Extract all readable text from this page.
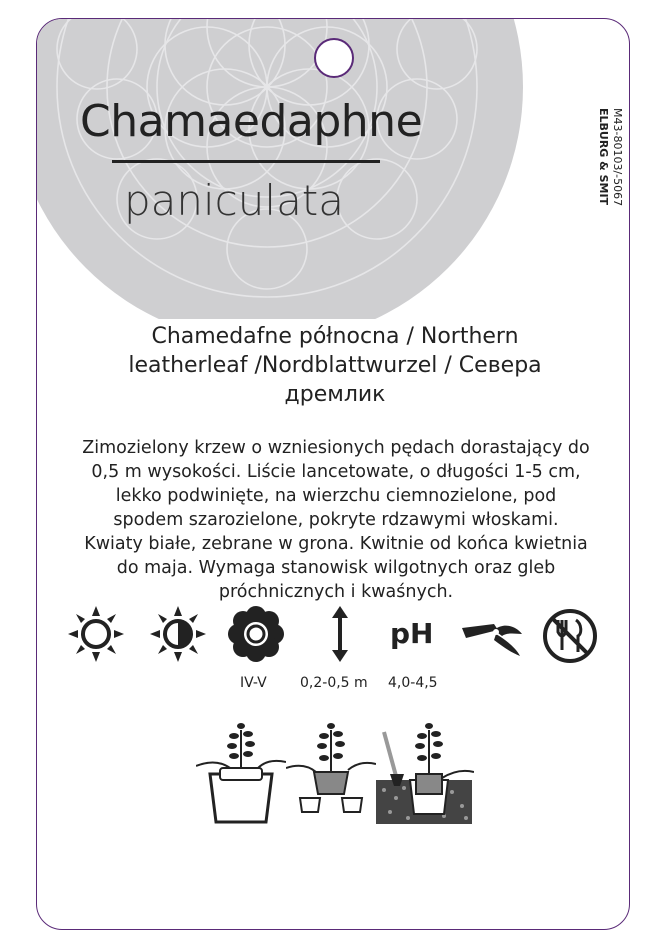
Chamaedaphne
paniculata	ELBURG & SMIT M43-80103/-5067
Chamedafne północna / Northern leatherleaf /Nordblattwurzel / Севера дремлик
Zimozielony krzew o wzniesionych pędach dorastający do 0,5 m wysokości. Liście lancetowate, o długości 1-5 cm, lekko podwinięte, na wierzchu ciemnozielone, pod spodem szarozielone, pokryte rdzawymi włoskami. Kwiaty białe, zebrane w grona. Kwitnie od końca kwietnia do maja. Wymaga stanowisk wilgotnych oraz gleb próchnicznych i kwaśnych.
pH
IV-V 0,2-0,5 m 4,0-4,5
